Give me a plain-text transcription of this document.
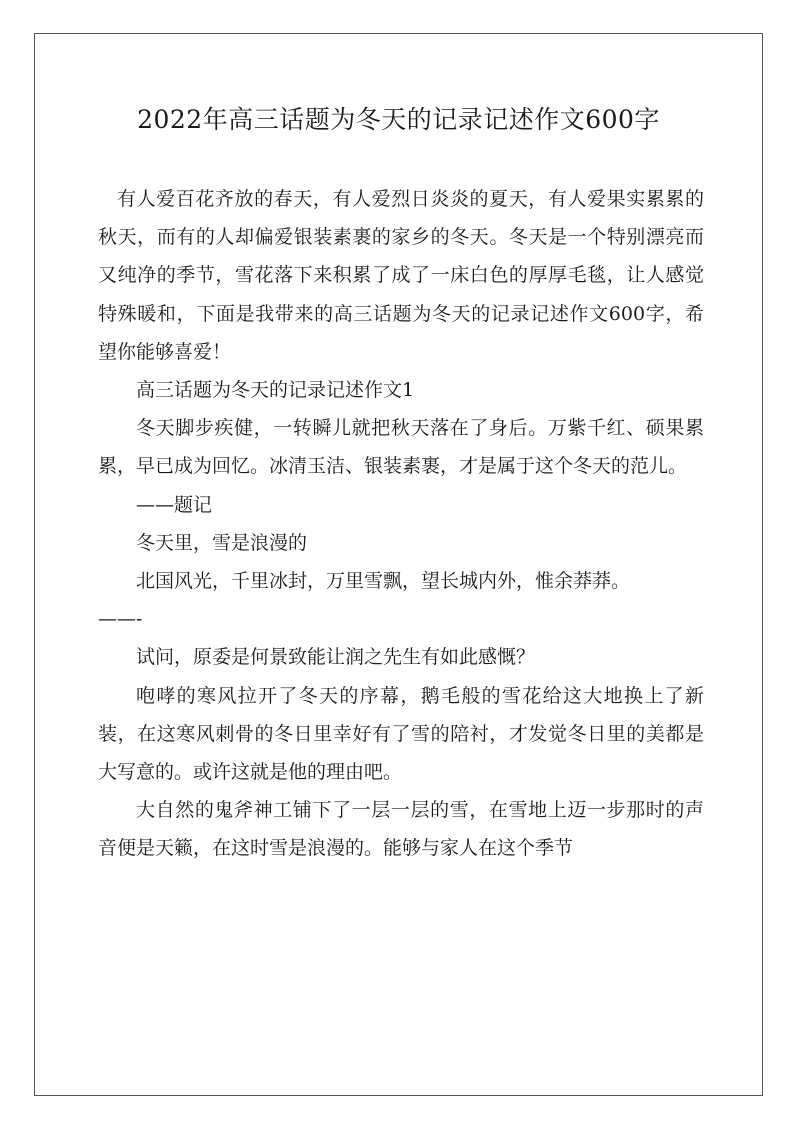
2022年高三话题为冬天的记录记述作文600字

有人爱百花齐放的春天，有人爱烈日炎炎的夏天，有人爱果实累累的秋天，而有的人却偏爱银装素裹的家乡的冬天。冬天是一个特别漂亮而又纯净的季节，雪花落下来积累了成了一床白色的厚厚毛毯，让人感觉特殊暖和，下面是我带来的高三话题为冬天的记录记述作文600字，希望你能够喜爱！

高三话题为冬天的记录记述作文1

冬天脚步疾健，一转瞬儿就把秋天落在了身后。万紫千红、硕果累累，早已成为回忆。冰清玉洁、银装素裹，才是属于这个冬天的范儿。

——题记

冬天里，雪是浪漫的

北国风光，千里冰封，万里雪飘，望长城内外，惟余莽莽。

——-

试问，原委是何景致能让润之先生有如此感慨？

咆哮的寒风拉开了冬天的序幕，鹅毛般的雪花给这大地换上了新装，在这寒风刺骨的冬日里幸好有了雪的陪衬，才发觉冬日里的美都是大写意的。或许这就是他的理由吧。

大自然的鬼斧神工铺下了一层一层的雪，在雪地上迈一步那时的声音便是天籁，在这时雪是浪漫的。能够与家人在这个季节
